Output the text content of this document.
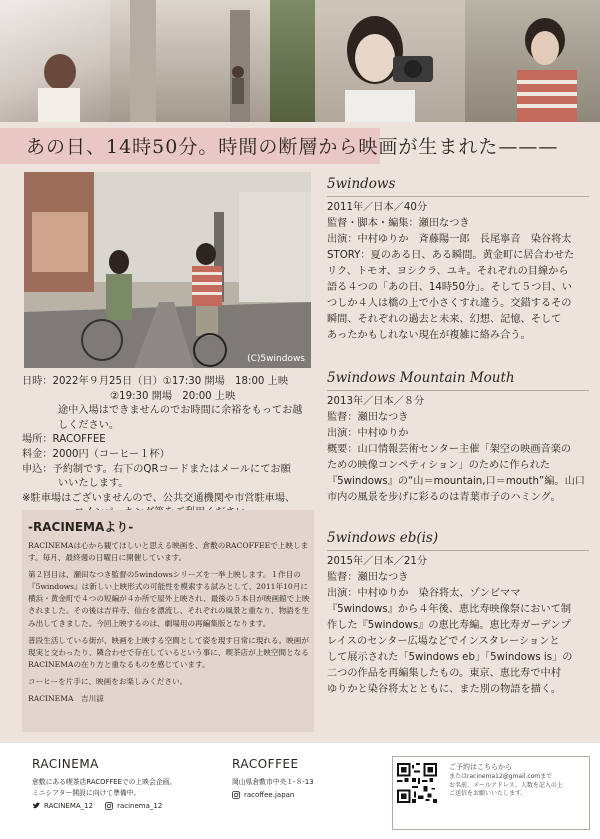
あの日、14時50分。時間の断層から映画が生まれた———
(C)5windows
日時：2022年９月25日（日）①17:30 開場　18:00 上映
②19:30 開場　20:00 上映
途中入場はできませんのでお時間に余裕をもってお越
しください。
場所：RACOFFEE
料金：2000円（コーヒー１杯）
申込：予約制です。右下のQRコードまたはメールにてお願
いいたします。
※駐車場はございませんので、公共交通機関や市営駐車場、
-RACINEMAより-

RACINEMAは心から観てほしいと思える映画を、倉敷のRACOFFEEで上映します。毎月、最終週の日曜日に開催しています。

第２回目は、瀬田なつき監督の5windowsシリーズを一挙上映します。１作目の『5windows』は新しい上映形式の可能性を模索する試みとして、2011年10月に横浜・黄金町で４つの短編が４か所で屋外上映され、最後の５本目が映画館で上映されました。その後は吉祥寺、仙台を漂流し、それぞれの風景と重なり、物語を生み出してきました。今回上映するのは、劇場用の再編集版となります。

普段生活している街が、映画を上映する空間として姿を現す日常に現れる。映画が現実と交わったり、隣合わせで存在しているという事に、喫茶店が上映空間となるRACINEMAの在り方と重なるものを感じています。

コーヒーを片手に、映画をお楽しみください。

RACINEMA　吉川諒

5windows
2011年／日本／40分
監督・脚本・編集：瀬田なつき
出演：中村ゆりか　斉藤陽一郎　長尾寧音　染谷将太
STORY：夏のある日、ある瞬間。黄金町に居合わせた
リク、トモオ、ヨシクラ、ユキ。それぞれの目線から
語る４つの「あの日、14時50分」。そして５つ目、い
つしか４人は橋の上で小さくすれ違う。交錯するその
瞬間、それぞれの過去と未来、幻想、記憶、そして
あったかもしれない現在が複雑に絡み合う。
5windows Mountain Mouth
2013年／日本／８分
監督：瀬田なつき
出演：中村ゆりか
概要：山口情報芸術センター主催「架空の映画音楽の
ための映像コンペティション」のために作られた
『5windows』の“山＝mountain,口＝mouth”編。山口
市内の風景を步げに彩るのは青葉市子のハミング。
5windows eb(is)
2015年／日本／21分
監督：瀬田なつき
出演：中村ゆりか　染谷将太、ゾンビママ
『5windows』から４年後、恵比寿映像祭において制
作した『5windows』の恵比寿編。恵比寿ガーデンプ
レイスのセンター広場などでインスタレーションと
して展示された「5windows eb」「5windows is」の
二つの作品を再編集したもの。東京、恵比寿で中村
ゆりかと染谷将太とともに、また別の物語を描く。
RACINEMA
倉敷にある喫茶店RACOFFEEでの上映会企画。
ミニシアター開設に向けて準備中。
RACINEMA_12	racinema_12
RACOFFEE
岡山県倉敷市中央１-８-13
racoffee.japan
ご予約はこちらから
またはracinema12@gmail.comまで
お名前、メールアドレス、人数を記入の上
ご送信をお願いいたします。
